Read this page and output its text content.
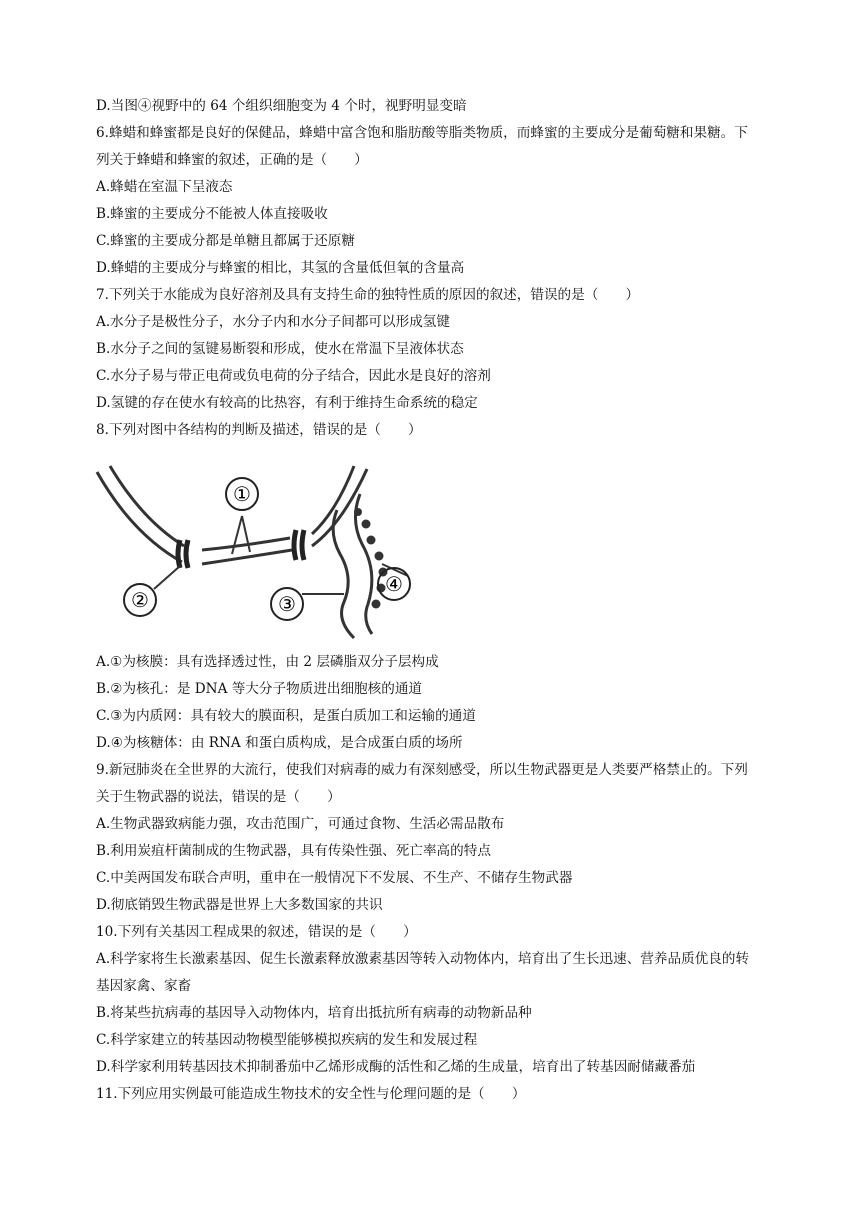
D.当图④视野中的 64 个组织细胞变为 4 个时，视野明显变暗
6.蜂蜡和蜂蜜都是良好的保健品，蜂蜡中富含饱和脂肪酸等脂类物质，而蜂蜜的主要成分是葡萄糖和果糖。下
列关于蜂蜡和蜂蜜的叙述，正确的是（　　）
A.蜂蜡在室温下呈液态
B.蜂蜜的主要成分不能被人体直接吸收
C.蜂蜜的主要成分都是单糖且都属于还原糖
D.蜂蜡的主要成分与蜂蜜的相比，其氢的含量低但氧的含量高
7.下列关于水能成为良好溶剂及具有支持生命的独特性质的原因的叙述，错误的是（　　）
A.水分子是极性分子，水分子内和水分子间都可以形成氢键
B.水分子之间的氢键易断裂和形成，使水在常温下呈液体状态
C.水分子易与带正电荷或负电荷的分子结合，因此水是良好的溶剂
D.氢键的存在使水有较高的比热容，有利于维持生命系统的稳定
8.下列对图中各结构的判断及描述，错误的是（　　）
①
②	③
④
A.①为核膜：具有选择透过性，由 2 层磷脂双分子层构成
B.②为核孔：是 DNA 等大分子物质进出细胞核的通道
C.③为内质网：具有较大的膜面积，是蛋白质加工和运输的通道
D.④为核糖体：由 RNA 和蛋白质构成，是合成蛋白质的场所
9.新冠肺炎在全世界的大流行，使我们对病毒的威力有深刻感受，所以生物武器更是人类要严格禁止的。下列
关于生物武器的说法，错误的是（　　）
A.生物武器致病能力强，攻击范围广，可通过食物、生活必需品散布
B.利用炭疽杆菌制成的生物武器，具有传染性强、死亡率高的特点
C.中美两国发布联合声明，重申在一般情况下不发展、不生产、不储存生物武器
D.彻底销毁生物武器是世界上大多数国家的共识
10.下列有关基因工程成果的叙述，错误的是（　　）
A.科学家将生长激素基因、促生长激素释放激素基因等转入动物体内，培育出了生长迅速、营养品质优良的转
基因家禽、家畜
B.将某些抗病毒的基因导入动物体内，培育出抵抗所有病毒的动物新品种
C.科学家建立的转基因动物模型能够模拟疾病的发生和发展过程
D.科学家利用转基因技术抑制番茄中乙烯形成酶的活性和乙烯的生成量，培育出了转基因耐储藏番茄
11.下列应用实例最可能造成生物技术的安全性与伦理问题的是（　　）
